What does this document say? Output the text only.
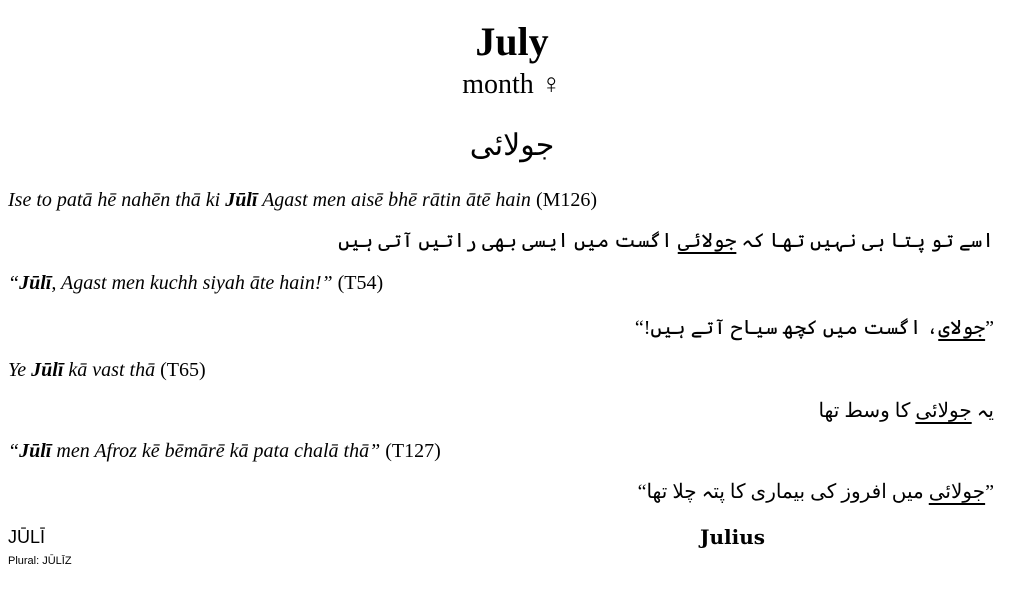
July
month ♀
جولائی
Ise to patā hē nahēn thā ki Jūlī Agast men aisē bhē rātin ātē hain (M126)
اسے تو پتا ہی نہیں تھا کہ جولائی اگست میں ایسی بھی راتیں آتی ہیں
“Jūlī, Agast men kuchh siyah āte hain!” (T54)
”جولای، اگست میں کچھ سیاح آتے ہیں!“
Ye Jūlī kā vast thā (T65)
یہ جولائی کا وسط تھا
“Jūlī men Afroz kē bēmārē kā pata chalā thā” (T127)
”جولائی میں افروز کی بیماری کا پتہ چلا تھا“
JŪLĪ
Plural: JŪLĪZ
Julius
